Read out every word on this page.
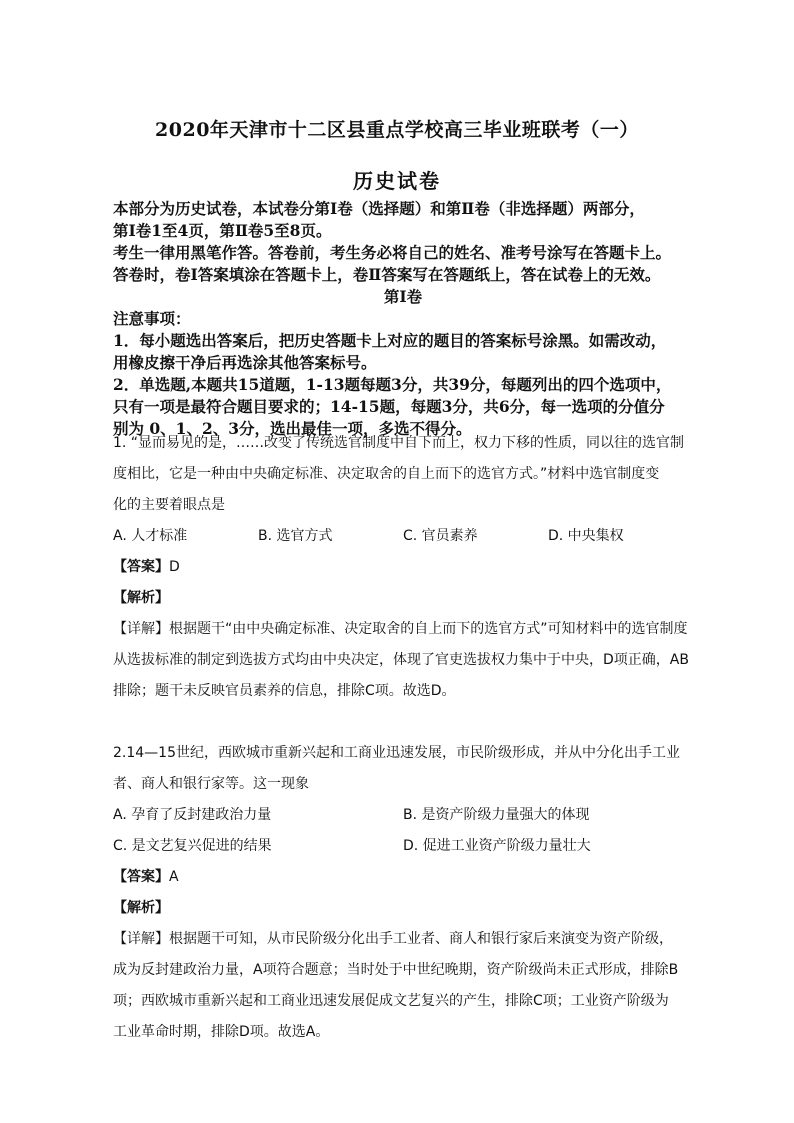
2020年天津市十二区县重点学校高三毕业班联考（一）
历史试卷

本部分为历史试卷，本试卷分第Ⅰ卷（选择题）和第Ⅱ卷（非选择题）两部分，

第Ⅰ卷1至4页，第Ⅱ卷5至8页。

考生一律用黑笔作答。答卷前，考生务必将自己的姓名、准考号涂写在答题卡上。

答卷时，卷Ⅰ答案填涂在答题卡上，卷Ⅱ答案写在答题纸上，答在试卷上的无效。

第Ⅰ卷

注意事项：

1．每小题选出答案后，把历史答题卡上对应的题目的答案标号涂黑。如需改动，

用橡皮擦干净后再选涂其他答案标号。

2．单选题,本题共15道题，1-13题每题3分，共39分，每题列出的四个选项中，

只有一项是最符合题目要求的；14-15题，每题3分，共6分，每一选项的分值分

别为 0、1、2、3分，选出最佳一项，多选不得分。

1. “显而易见的是，……改变了传统选官制度中自下而上，权力下移的性质，同以往的选官制

度相比，它是一种由中央确定标准、决定取舍的自上而下的选官方式。”材料中选官制度变

化的主要着眼点是

A. 人才标准	B. 选官方式	C. 官员素养	D. 中央集权

【答案】D

【解析】

【详解】根据题干“由中央确定标准、决定取舍的自上而下的选官方式”可知材料中的选官制度

从选拔标准的制定到选拔方式均由中央决定，体现了官吏选拔权力集中于中央，D项正确，AB

排除；题干未反映官员素养的信息，排除C项。故选D。

2.14—15世纪，西欧城市重新兴起和工商业迅速发展，市民阶级形成，并从中分化出手工业

者、商人和银行家等。这一现象

A. 孕育了反封建政治力量	B. 是资产阶级力量强大的体现
C. 是文艺复兴促进的结果	D. 促进工业资产阶级力量壮大

【答案】A

【解析】

【详解】根据题干可知，从市民阶级分化出手工业者、商人和银行家后来演变为资产阶级，

成为反封建政治力量，A项符合题意；当时处于中世纪晚期，资产阶级尚未正式形成，排除B

项；西欧城市重新兴起和工商业迅速发展促成文艺复兴的产生，排除C项；工业资产阶级为

工业革命时期，排除D项。故选A。
